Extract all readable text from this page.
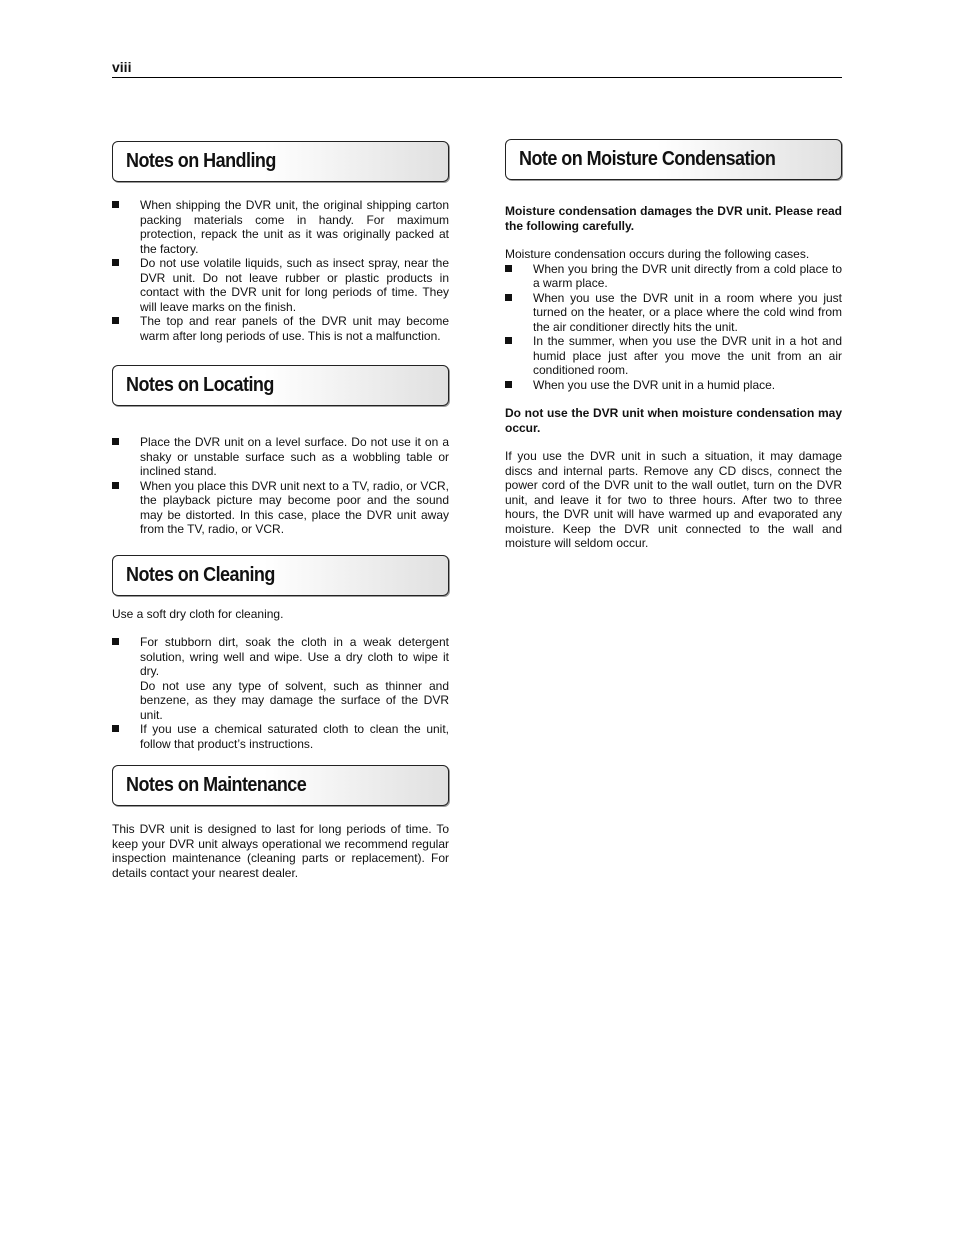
viii
Notes on Handling
When shipping the DVR unit, the original shipping carton packing materials come in handy. For maximum protection, repack the unit as it was originally packed at the factory.
Do not use volatile liquids, such as insect spray, near the DVR unit. Do not leave rubber or plastic products in contact with the DVR unit for long periods of time. They will leave marks on the finish.
The top and rear panels of the DVR unit may become warm after long periods of use. This is not a malfunction.
Notes on Locating
Place the DVR unit on a level surface. Do not use it on a shaky or unstable surface such as a wobbling table or inclined stand.
When you place this DVR unit next to a TV, radio, or VCR, the playback picture may become poor and the sound may be distorted. In this case, place the DVR unit away from the TV, radio, or VCR.
Notes on Cleaning

Use a soft dry cloth for cleaning.

For stubborn dirt, soak the cloth in a weak detergent solution, wring well and wipe. Use a dry cloth to wipe it dry.
Do not use any type of solvent, such as thinner and benzene, as they may damage the surface of the DVR unit.
If you use a chemical saturated cloth to clean the unit, follow that product’s instructions.
Notes on Maintenance

This DVR unit is designed to last for long periods of time. To keep your DVR unit always operational we recommend regular inspection maintenance (cleaning parts or replacement). For details contact your nearest dealer.

Note on Moisture Condensation

Moisture condensation damages the DVR unit. Please read the following carefully.

Moisture condensation occurs during the following cases.

When you bring the DVR unit directly from a cold place to a warm place.
When you use the DVR unit in a room where you just turned on the heater, or a place where the cold wind from the air conditioner directly hits the unit.
In the summer, when you use the DVR unit in a hot and humid place just after you move the unit from an air conditioned room.
When you use the DVR unit in a humid place.

Do not use the DVR unit when moisture condensation may occur.

If you use the DVR unit in such a situation, it may damage discs and internal parts. Remove any CD discs, connect the power cord of the DVR unit to the wall outlet, turn on the DVR unit, and leave it for two to three hours. After two to three hours, the DVR unit will have warmed up and evaporated any moisture. Keep the DVR unit connected to the wall and moisture will seldom occur.
